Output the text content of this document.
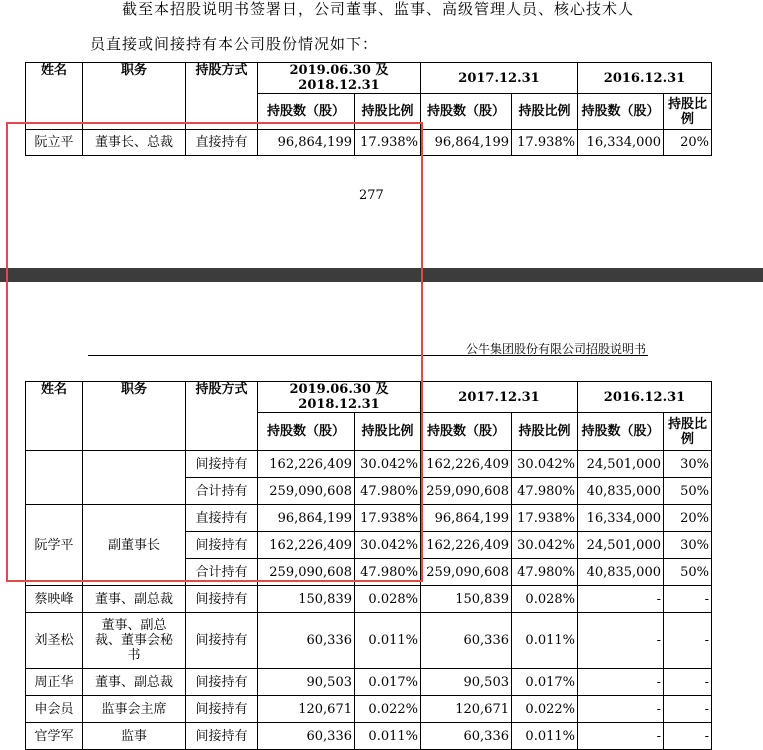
截至本招股说明书签署日，公司董事、监事、高级管理人员、核心技术人
员直接或间接持有本公司股份情况如下：
姓名	职务	持股方式	2019.06.30 及 2018.12.31		2017.12.31		2016.12.31	
			持股数（股）	持股比例	持股数（股）	持股比例	持股数（股）	持股比例
阮立平	董事长、总裁	直接持有	96,864,199	17.938%	96,864,199	17.938%	16,334,000	20%
277
公牛集团股份有限公司招股说明书
姓名	职务	持股方式	2019.06.30 及 2018.12.31		2017.12.31		2016.12.31	
			持股数（股）	持股比例	持股数（股）	持股比例	持股数（股）	持股比例
		间接持有	162,226,409	30.042%	162,226,409	30.042%	24,501,000	30%
		合计持有	259,090,608	47.980%	259,090,608	47.980%	40,835,000	50%
阮学平	副董事长	直接持有	96,864,199	17.938%	96,864,199	17.938%	16,334,000	20%
		间接持有	162,226,409	30.042%	162,226,409	30.042%	24,501,000	30%
		合计持有	259,090,608	47.980%	259,090,608	47.980%	40,835,000	50%
蔡映峰	董事、副总裁	间接持有	150,839	0.028%	150,839	0.028%	-	-
刘圣松	董事、副总裁、董事会秘书	间接持有	60,336	0.011%	60,336	0.011%	-	-
周正华	董事、副总裁	间接持有	90,503	0.017%	90,503	0.017%	-	-
申会员	监事会主席	间接持有	120,671	0.022%	120,671	0.022%	-	-
官学军	监事	间接持有	60,336	0.011%	60,336	0.011%	-	-
